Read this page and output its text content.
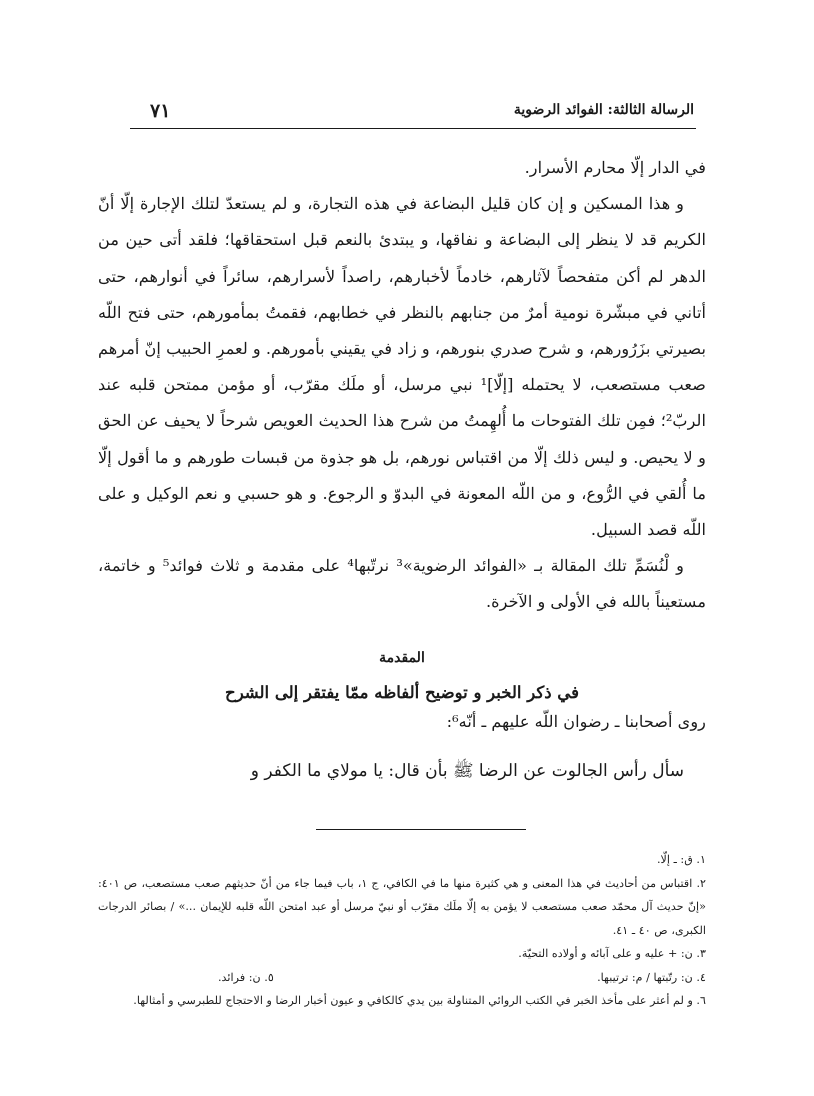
٧١	الرسالة الثالثة: الفوائد الرضوية

في الدار إلّا محارم الأسرار.

و هذا المسكين و إن كان قليل البضاعة في هذه التجارة، و لم يستعدّ لتلك الإجارة إلّا أنّ الكريم قد لا ينظر إلى البضاعة و نفاقها، و يبتدئ بالنعم قبل استحقاقها؛ فلقد أتى حين من الدهر لم أكن متفحصاً لآثارهم، خادماً لأخبارهم، راصداً لأسرارهم، سائراً في أنوارهم، حتى أتاني في مبشّرة نومية أمرٌ من جنابهم بالنظر في خطابهم، فقمتُ بمأمورهم، حتى فتح اللّه بصيرتي بزَرُورهم، و شرح صدري بنورهم، و زاد في يقيني بأمورهم. و لعمرِ الحبيب إنّ أمرهم صعب مستصعب، لا يحتمله [إلّا]¹ نبي مرسل، أو ملَك مقرّب، أو مؤمن ممتحن قلبه عند الربّ²؛ فمِن تلك الفتوحات ما أُلهِمتُ من شرح هذا الحديث العويص شرحاً لا يحيف عن الحق و لا يحيص. و ليس ذلك إلّا من اقتباس نورهم، بل هو جذوة من قبسات طورهم و ما أقول إلّا ما أُلقي في الرُّوع، و من اللّه المعونة في البدوّ و الرجوع. و هو حسبي و نعم الوكيل و على اللّه قصد السبيل.

و لْنُسَمِّ تلك المقالة بـ «الفوائد الرضوية»³ نرتّبها⁴ على مقدمة و ثلاث فوائد⁵ و خاتمة، مستعيناً بالله في الأولى و الآخرة.

المقدمة
في ذكر الخبر و توضيح ألفاظه ممّا يفتقر إلى الشرح
روى أصحابنا ـ رضوان اللّه عليهم ـ أنّه⁶:
سأل رأس الجالوت عن الرضا ﷺ بأن قال: يا مولاي ما الكفر و

١. ق: ـ إلّا.

٢. اقتباس من أحاديث في هذا المعنى و هي كثيرة منها ما في الكافي، ج ١، باب فيما جاء من أنّ حديثهم صعب مستصعب، ص ٤٠١: «إنّ حديث آل محمّد صعب مستصعب لا يؤمن به إلّا ملَك مقرّب أو نبيّ مرسل أو عبد امتحن اللّه قلبه للإيمان ...» / بصائر الدرجات الكبرى، ص ٤٠ ـ ٤١.

٣. ن: + عليه و على آبائه و أولاده التحيّة.

٤. ن: رتّبتها / م: ترتيبها.
٥. ن: فرائد.

٦. و لم أعثر على مأخذ الخبر في الكتب الروائي المتناولة بين يدي كالكافي و عيون أخبار الرضا و الاحتجاج للطبرسي و أمثالها.
